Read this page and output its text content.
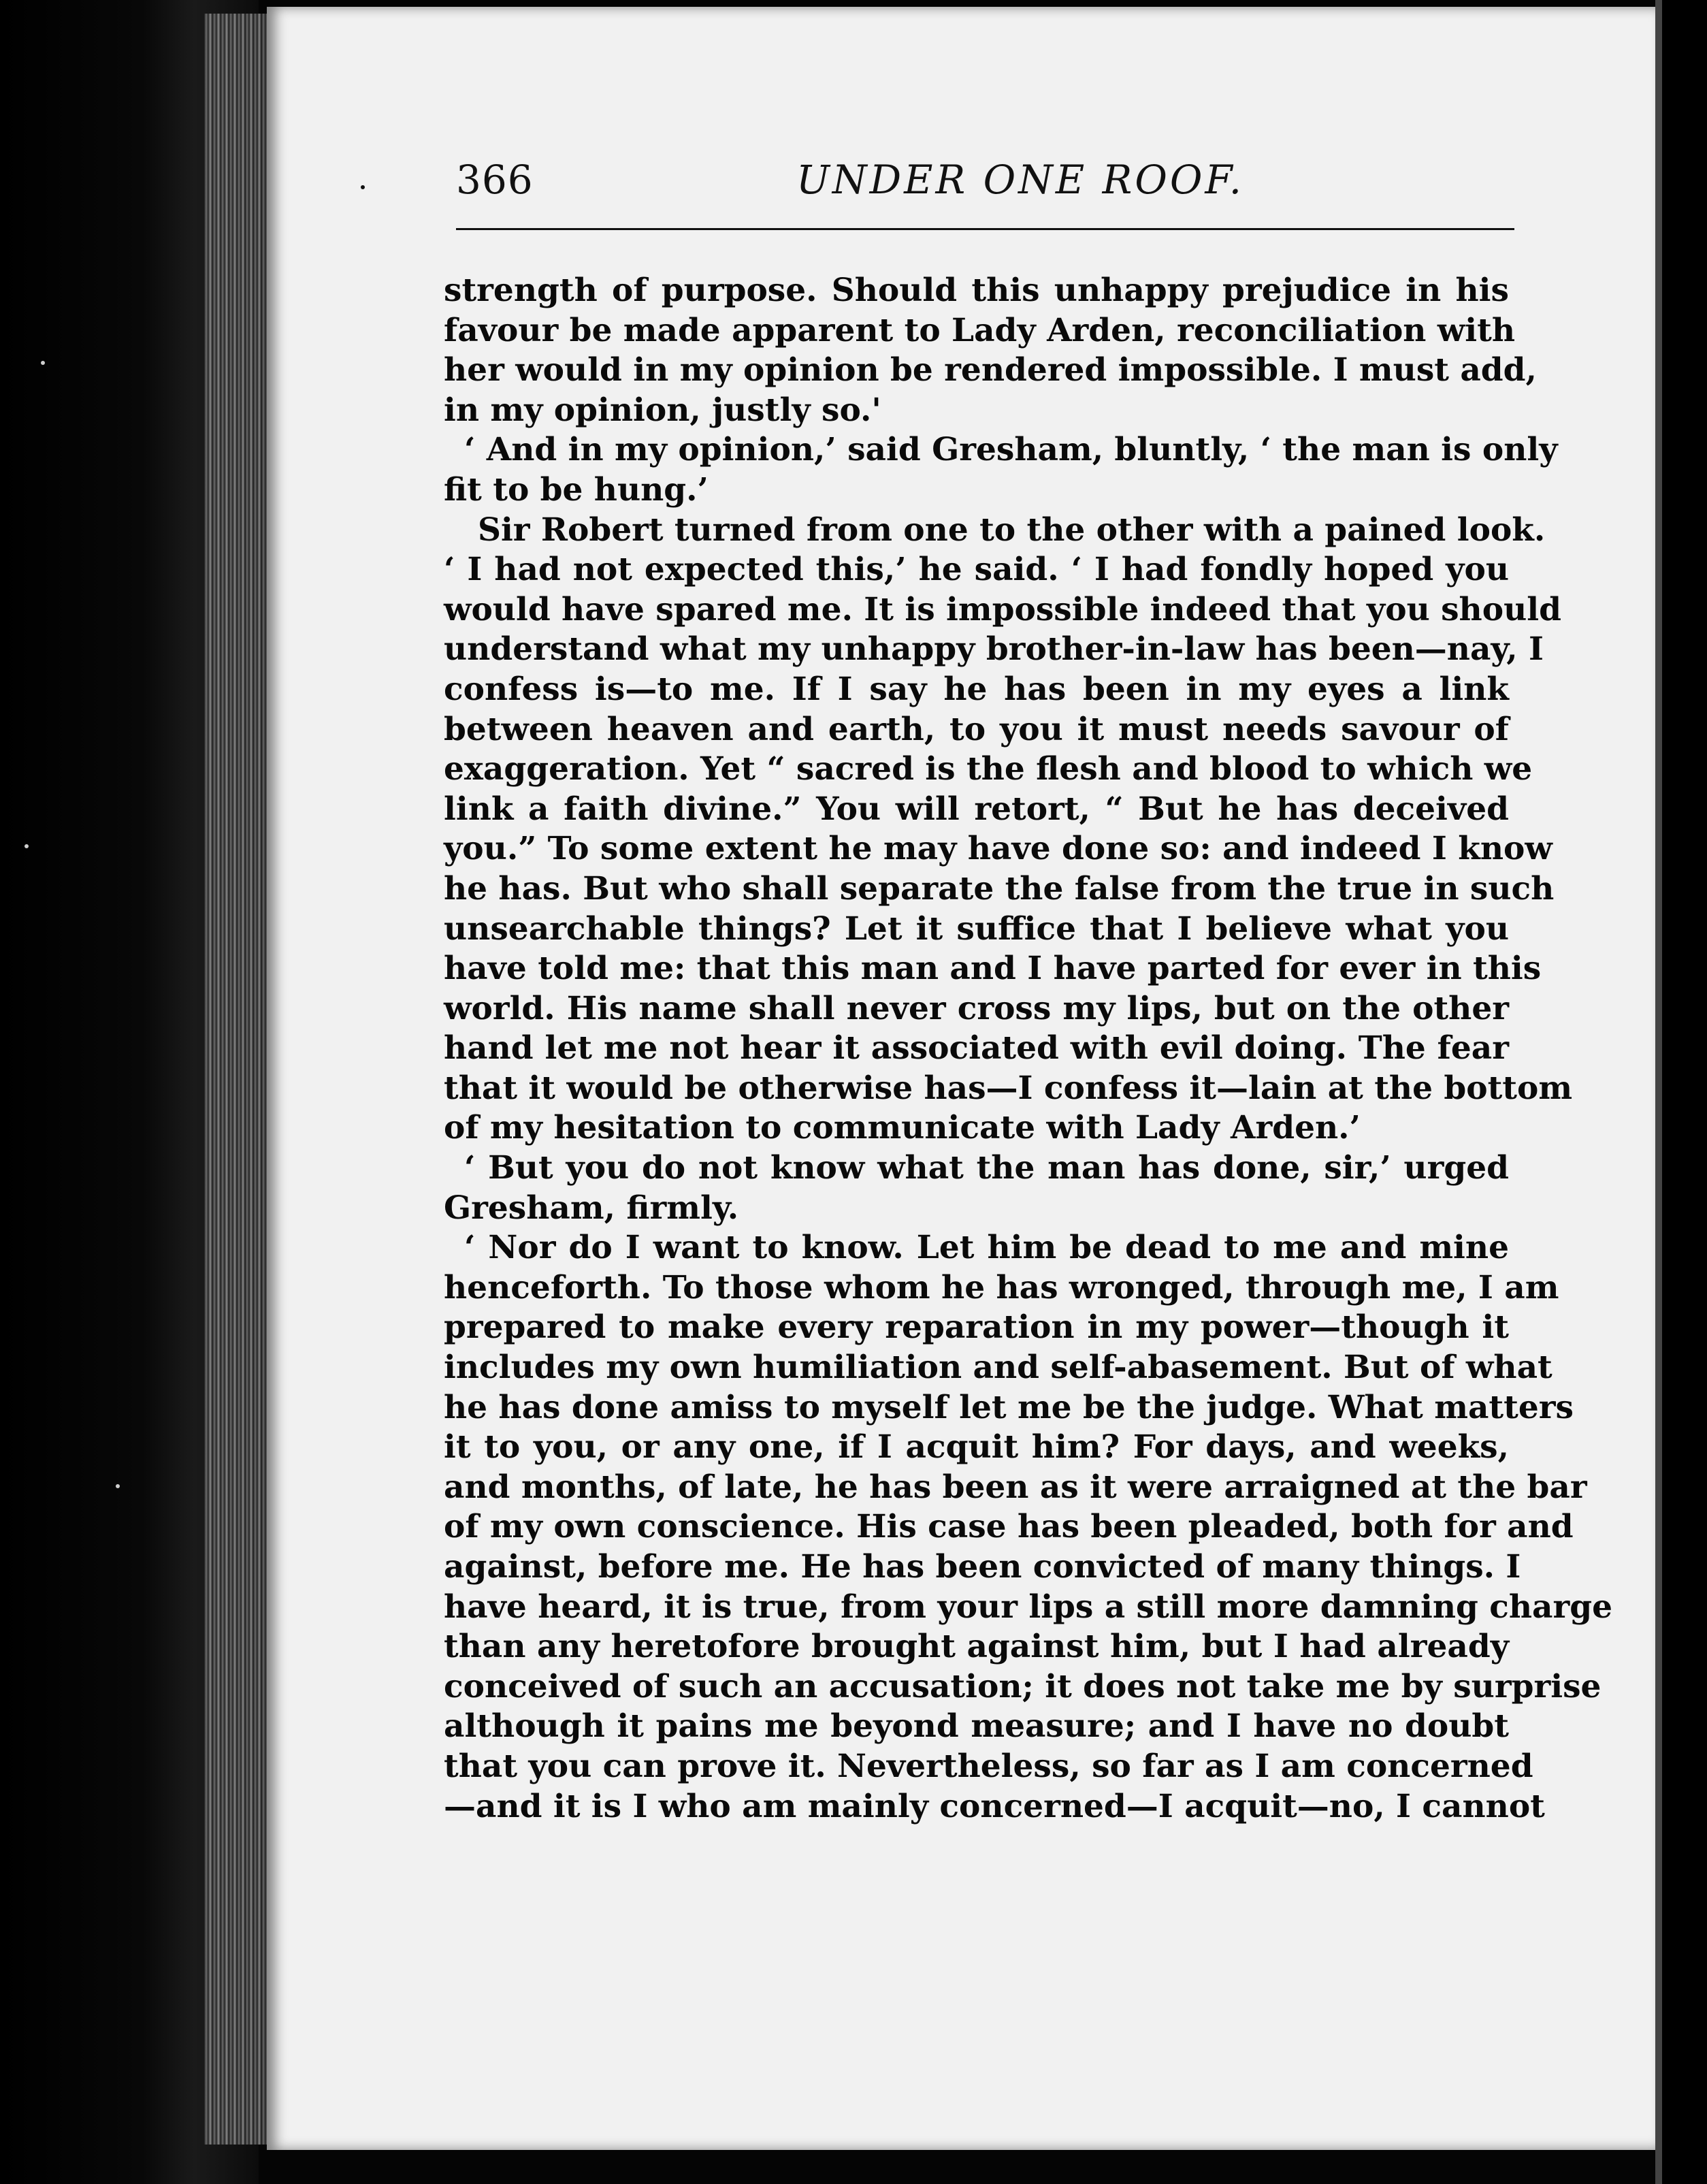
366	UNDER ONE ROOF.
strength of purpose. Should this unhappy prejudice in his
favour be made apparent to Lady Arden, reconciliation with
her would in my opinion be rendered impossible. I must add,
in my opinion, justly so.'
‘ And in my opinion,’ said Gresham, bluntly, ‘ the man is only
fit to be hung.’
Sir Robert turned from one to the other with a pained look.
‘ I had not expected this,’ he said. ‘ I had fondly hoped you
would have spared me. It is impossible indeed that you should
understand what my unhappy brother-in-law has been—nay, I
confess is—to me. If I say he has been in my eyes a link
between heaven and earth, to you it must needs savour of
exaggeration. Yet “ sacred is the flesh and blood to which we
link a faith divine.” You will retort, “ But he has deceived
you.” To some extent he may have done so: and indeed I know
he has. But who shall separate the false from the true in such
unsearchable things? Let it suffice that I believe what you
have told me: that this man and I have parted for ever in this
world. His name shall never cross my lips, but on the other
hand let me not hear it associated with evil doing. The fear
that it would be otherwise has—I confess it—lain at the bottom
of my hesitation to communicate with Lady Arden.’
‘ But you do not know what the man has done, sir,’ urged
Gresham, firmly.
‘ Nor do I want to know. Let him be dead to me and mine
henceforth. To those whom he has wronged, through me, I am
prepared to make every reparation in my power—though it
includes my own humiliation and self-abasement. But of what
he has done amiss to myself let me be the judge. What matters
it to you, or any one, if I acquit him? For days, and weeks,
and months, of late, he has been as it were arraigned at the bar
of my own conscience. His case has been pleaded, both for and
against, before me. He has been convicted of many things. I
have heard, it is true, from your lips a still more damning charge
than any heretofore brought against him, but I had already
conceived of such an accusation; it does not take me by surprise
although it pains me beyond measure; and I have no doubt
that you can prove it. Nevertheless, so far as I am concerned
—and it is I who am mainly concerned—I acquit—no, I cannot
